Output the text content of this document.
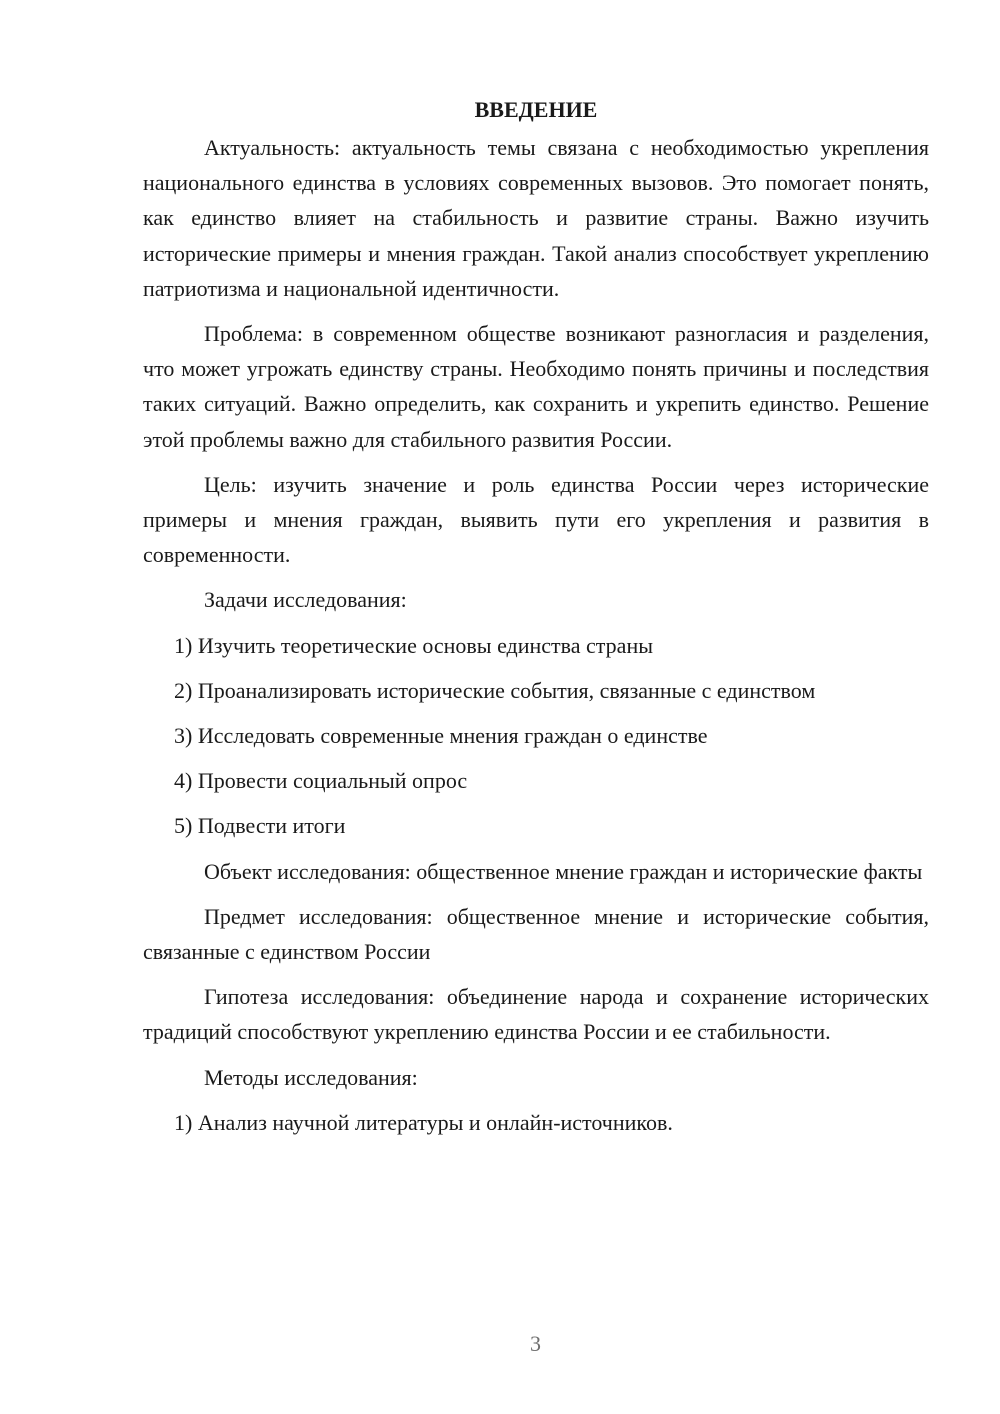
ВВЕДЕНИЕ

Актуальность: актуальность темы связана с необходимостью укрепления национального единства в условиях современных вызовов. Это помогает понять, как единство влияет на стабильность и развитие страны. Важно изучить исторические примеры и мнения граждан. Такой анализ способствует укреплению патриотизма и национальной идентичности.

Проблема: в современном обществе возникают разногласия и разделения, что может угрожать единству страны. Необходимо понять причины и последствия таких ситуаций. Важно определить, как сохранить и укрепить единство. Решение этой проблемы важно для стабильного развития России.

Цель: изучить значение и роль единства России через исторические примеры и мнения граждан, выявить пути его укрепления и развития в современности.

Задачи исследования:

1) Изучить теоретические основы единства страны

2) Проанализировать исторические события, связанные с единством

3) Исследовать современные мнения граждан о единстве

4) Провести социальный опрос

5) Подвести итоги

Объект исследования: общественное мнение граждан и исторические факты

Предмет исследования: общественное мнение и исторические события, связанные с единством России

Гипотеза исследования: объединение народа и сохранение исторических традиций способствуют укреплению единства России и ее стабильности.

Методы исследования:

1) Анализ научной литературы и онлайн-источников.

3
